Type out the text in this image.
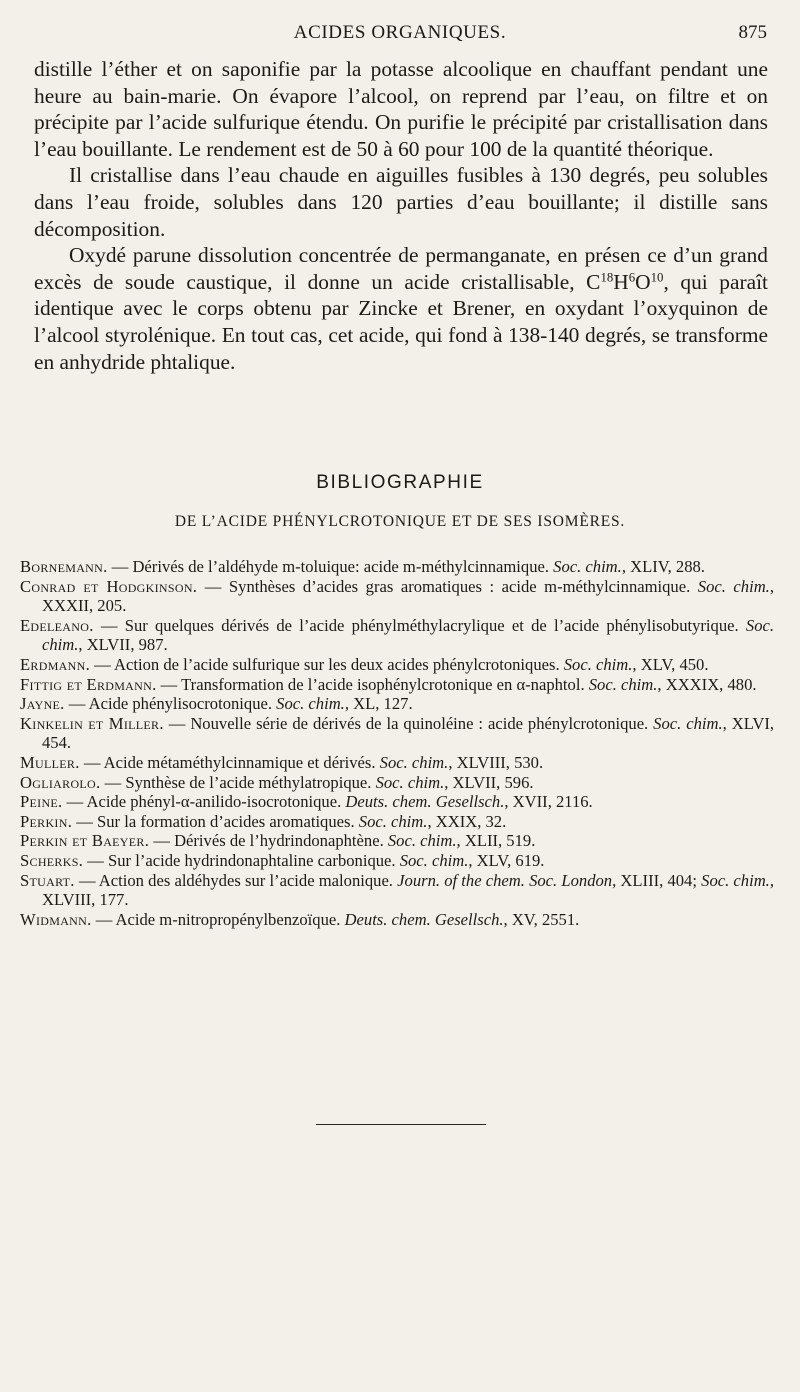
ACIDES ORGANIQUES.	875

distille l’éther et on saponifie par la potasse alcoolique en chauffant pendant une heure au bain-marie. On évapore l’alcool, on reprend par l’eau, on filtre et on précipite par l’acide sulfurique étendu. On purifie le précipité par cristallisation dans l’eau bouillante. Le rendement est de 50 à 60 pour 100 de la quantité théorique.

Il cristallise dans l’eau chaude en aiguilles fusibles à 130 degrés, peu solubles dans l’eau froide, solubles dans 120 parties d’eau bouillante; il distille sans décomposition.

Oxydé parune dissolution concentrée de permanganate, en présen ce d’un grand excès de soude caustique, il donne un acide cristallisable, $C^{18}H^6O^{10}$, qui paraît identique avec le corps obtenu par Zincke et Brener, en oxydant l’oxyquinon de l’alcool styrolénique. En tout cas, cet acide, qui fond à 138-140 degrés, se transforme en anhydride phtalique.

BIBLIOGRAPHIE
DE L’ACIDE PHÉNYLCROTONIQUE ET DE SES ISOMÈRES.

Bornemann. — Dérivés de l’aldéhyde m-toluique: acide m-méthylcinnamique. Soc. chim., XLIV, 288.

Conrad et Hodgkinson. — Synthèses d’acides gras aromatiques : acide m-méthylcinnamique. Soc. chim., XXXII, 205.

Edeleano. — Sur quelques dérivés de l’acide phénylméthylacrylique et de l’acide phénylisobutyrique. Soc. chim., XLVII, 987.

Erdmann. — Action de l’acide sulfurique sur les deux acides phénylcrotoniques. Soc. chim., XLV, 450.

Fittig et Erdmann. — Transformation de l’acide isophénylcrotonique en α-naphtol. Soc. chim., XXXIX, 480.

Jayne. — Acide phénylisocrotonique. Soc. chim., XL, 127.

Kinkelin et Miller. — Nouvelle série de dérivés de la quinoléine : acide phénylcrotonique. Soc. chim., XLVI, 454.

Muller. — Acide métaméthylcinnamique et dérivés. Soc. chim., XLVIII, 530.

Ogliarolo. — Synthèse de l’acide méthylatropique. Soc. chim., XLVII, 596.

Peine. — Acide phényl-α-anilido-isocrotonique. Deuts. chem. Gesellsch., XVII, 2116.

Perkin. — Sur la formation d’acides aromatiques. Soc. chim., XXIX, 32.

Perkin et Baeyer. — Dérivés de l’hydrindonaphtène. Soc. chim., XLII, 519.

Scherks. — Sur l’acide hydrindonaphtaline carbonique. Soc. chim., XLV, 619.

Stuart. — Action des aldéhydes sur l’acide malonique. Journ. of the chem. Soc. London, XLIII, 404; Soc. chim., XLVIII, 177.

Widmann. — Acide m-nitropropénylbenzoïque. Deuts. chem. Gesellsch., XV, 2551.
